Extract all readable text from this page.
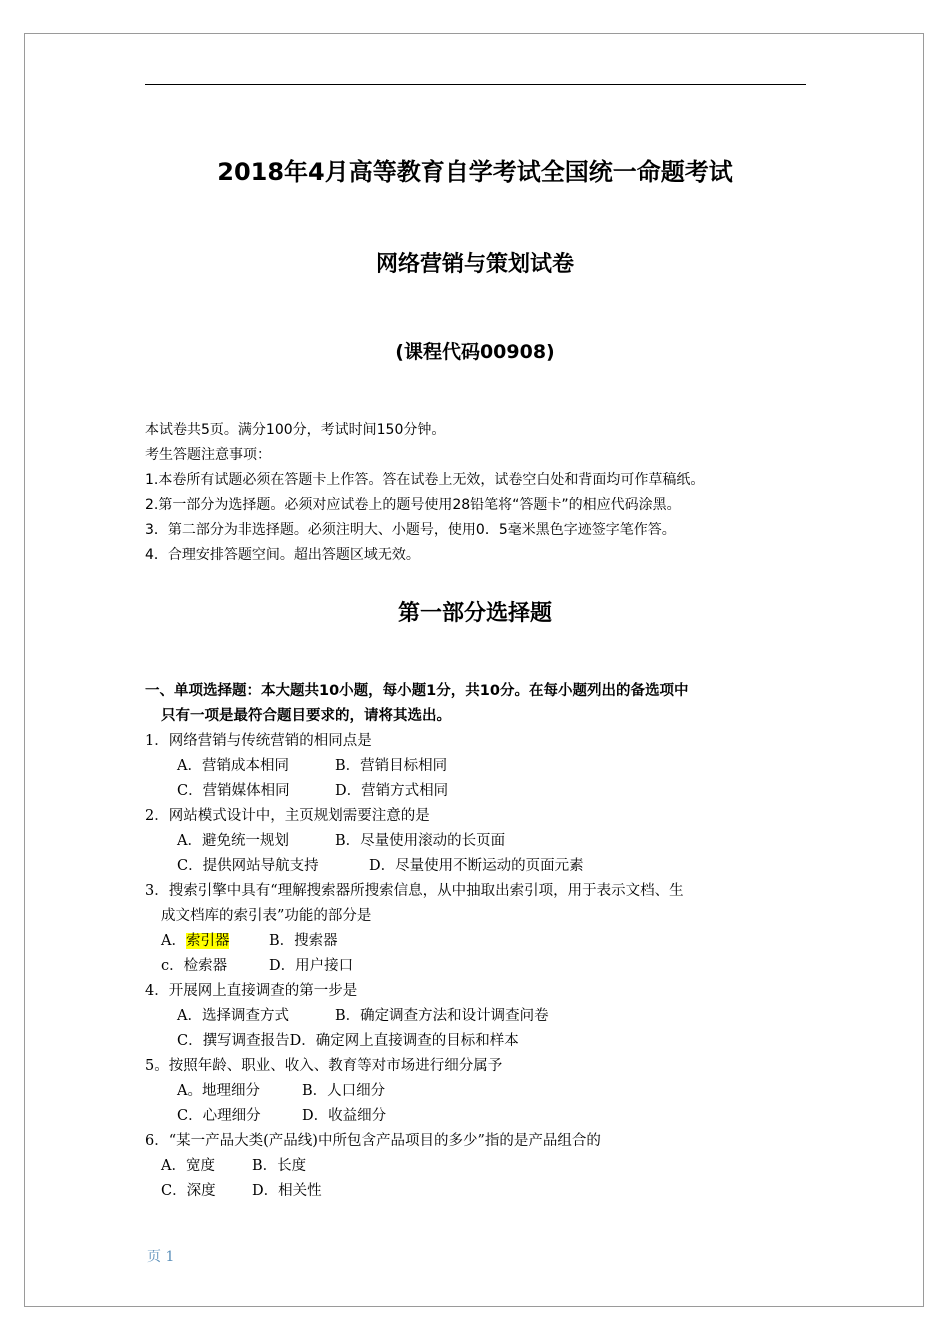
2018年4月高等教育自学考试全国统一命题考试
网络营销与策划试卷
(课程代码00908)
本试卷共5页。满分100分，考试时间150分钟。
考生答题注意事项：
1.本卷所有试题必须在答题卡上作答。答在试卷上无效，试卷空白处和背面均可作草稿纸。
2.第一部分为选择题。必须对应试卷上的题号使用28铅笔将“答题卡”的相应代码涂黑。
3．第二部分为非选择题。必须注明大、小题号，使用0．5毫米黑色字迹签字笔作答。
4．合理安排答题空间。超出答题区域无效。
第一部分选择题
一、单项选择题：本大题共10小题，每小题1分，共10分。在每小题列出的备选项中
只有一项是最符合题目要求的，请将其选出。
1．网络营销与传统营销的相同点是
A．营销成本相同	B．营销目标相同
C．营销媒体相同	D．营销方式相同
2．网站模式设计中，主页规划需要注意的是
A．避免统一规划	B．尽量使用滚动的长页面
C．提供网站导航支持	D．尽量使用不断运动的页面元素
3．搜索引擎中具有“理解搜索器所搜索信息，从中抽取出索引项，用于表示文档、生
成文档库的索引表”功能的部分是
A．索引器	B．搜索器
c．检索器	D．用户接口
4．开展网上直接调查的第一步是
A．选择调查方式	B．确定调查方法和设计调查问卷
C．撰写调查报告D．确定网上直接调查的目标和样本
5。按照年龄、职业、收入、教育等对市场进行细分属予
A。地理细分	B．人口细分
C．心理细分	D．收益细分
6．“某一产品大类(产品线)中所包含产品项目的多少”指的是产品组合的
A．宽度	B．长度
C．深度	D．相关性
页 1
